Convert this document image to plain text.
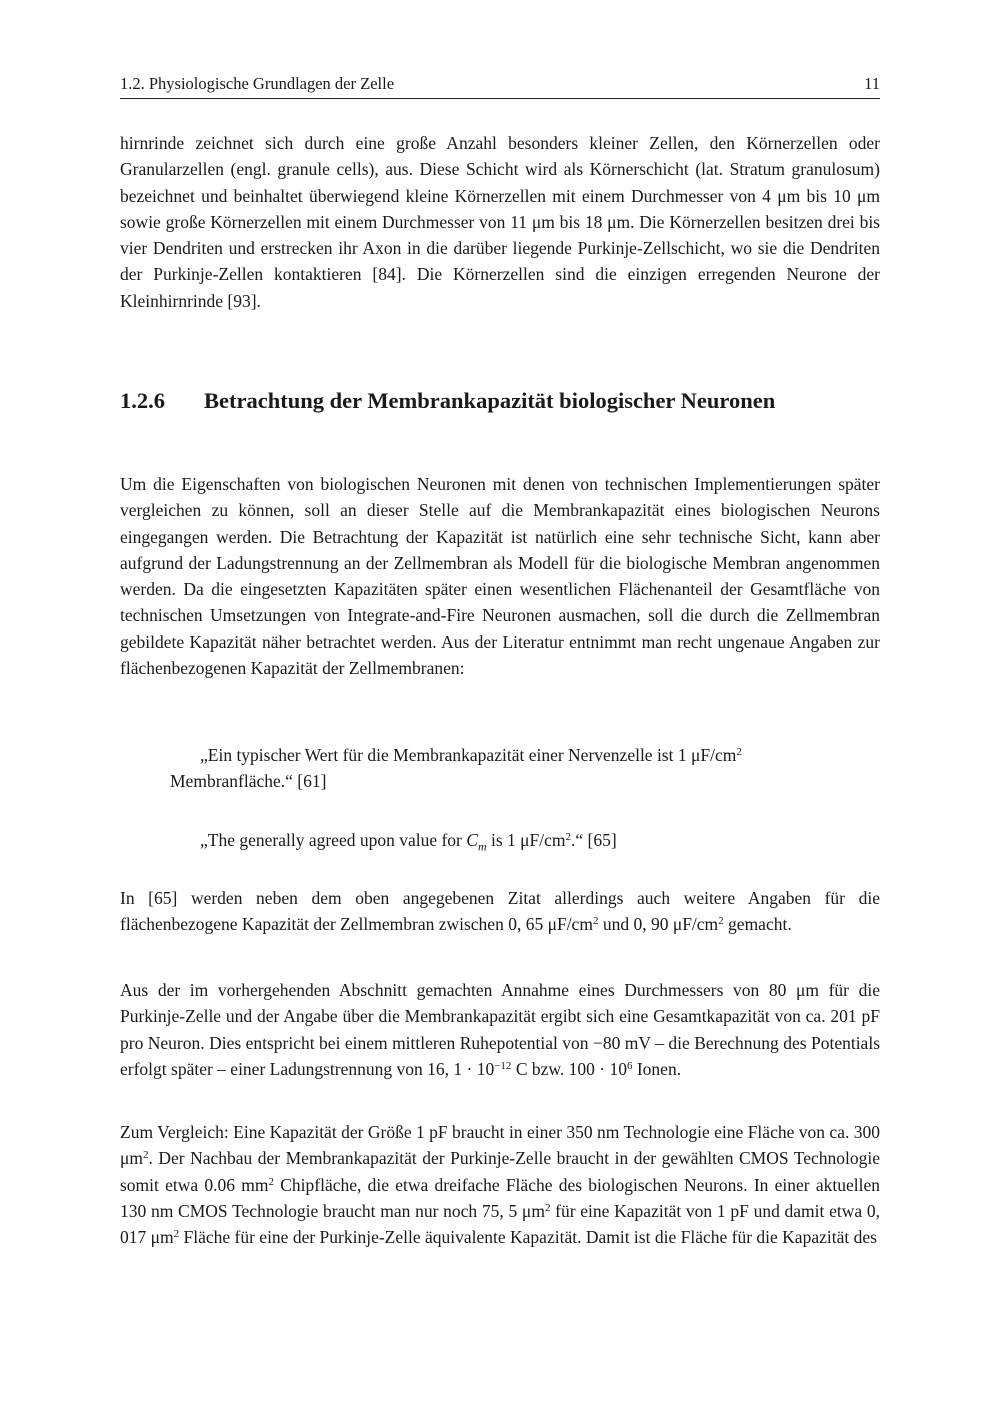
1.2. Physiologische Grundlagen der Zelle	11

hirnrinde zeichnet sich durch eine große Anzahl besonders kleiner Zellen, den Körnerzellen oder Granularzellen (engl. granule cells), aus. Diese Schicht wird als Körnerschicht (lat. Stratum granulosum) bezeichnet und beinhaltet überwiegend kleine Körnerzellen mit einem Durchmesser von 4 μm bis 10 μm sowie große Körnerzellen mit einem Durchmesser von 11 μm bis 18 μm. Die Körnerzellen besitzen drei bis vier Dendriten und erstrecken ihr Axon in die darüber liegende Purkinje-Zellschicht, wo sie die Dendriten der Purkinje-Zellen kontaktieren [84]. Die Körnerzellen sind die einzigen erregenden Neurone der Kleinhirnrinde [93].

1.2.6 Betrachtung der Membrankapazität biologischer Neuronen

Um die Eigenschaften von biologischen Neuronen mit denen von technischen Implementierungen später vergleichen zu können, soll an dieser Stelle auf die Membrankapazität eines biologischen Neurons eingegangen werden. Die Betrachtung der Kapazität ist natürlich eine sehr technische Sicht, kann aber aufgrund der Ladungstrennung an der Zellmembran als Modell für die biologische Membran angenommen werden. Da die eingesetzten Kapazitäten später einen wesentlichen Flächenanteil der Gesamtfläche von technischen Umsetzungen von Integrate-and-Fire Neuronen ausmachen, soll die durch die Zellmembran gebildete Kapazität näher betrachtet werden. Aus der Literatur entnimmt man recht ungenaue Angaben zur flächenbezogenen Kapazität der Zellmembranen:

„Ein typischer Wert für die Membrankapazität einer Nervenzelle ist 1 $\mu F/cm^2$
Membranfläche.“ [61]
„The generally agreed upon value for $C_m$ is 1 $\mu F/cm^2.“$ [65]

In [65] werden neben dem oben angegebenen Zitat allerdings auch weitere Angaben für die flächenbezogene Kapazität der Zellmembran zwischen 0, 65 $\mu F/cm^2$ und 0, 90 $\mu F/cm^2$ gemacht.

Aus der im vorhergehenden Abschnitt gemachten Annahme eines Durchmessers von 80 μm für die Purkinje-Zelle und der Angabe über die Membrankapazität ergibt sich eine Gesamtkapazität von ca. 201 pF pro Neuron. Dies entspricht bei einem mittleren Ruhepotential von −80 mV – die Berechnung des Potentials erfolgt später – einer Ladungstrennung von 16, $1 \cdot 10^{-12}$ C bzw. $100 \cdot 10^6$ Ionen.

Zum Vergleich: Eine Kapazität der Größe 1 pF braucht in einer 350 nm Technologie eine Fläche von ca. 300 $\mu m^2$. Der Nachbau der Membrankapazität der Purkinje-Zelle braucht in der gewählten CMOS Technologie somit etwa 0.06 $mm^2$ Chipfläche, die etwa dreifache Fläche des biologischen Neurons. In einer aktuellen 130 nm CMOS Technologie braucht man nur noch 75, 5 $\mu m^2$ für eine Kapazität von 1 pF und damit etwa 0, 017 $\mu m^2$ Fläche für eine der Purkinje-Zelle äquivalente Kapazität. Damit ist die Fläche für die Kapazität des
